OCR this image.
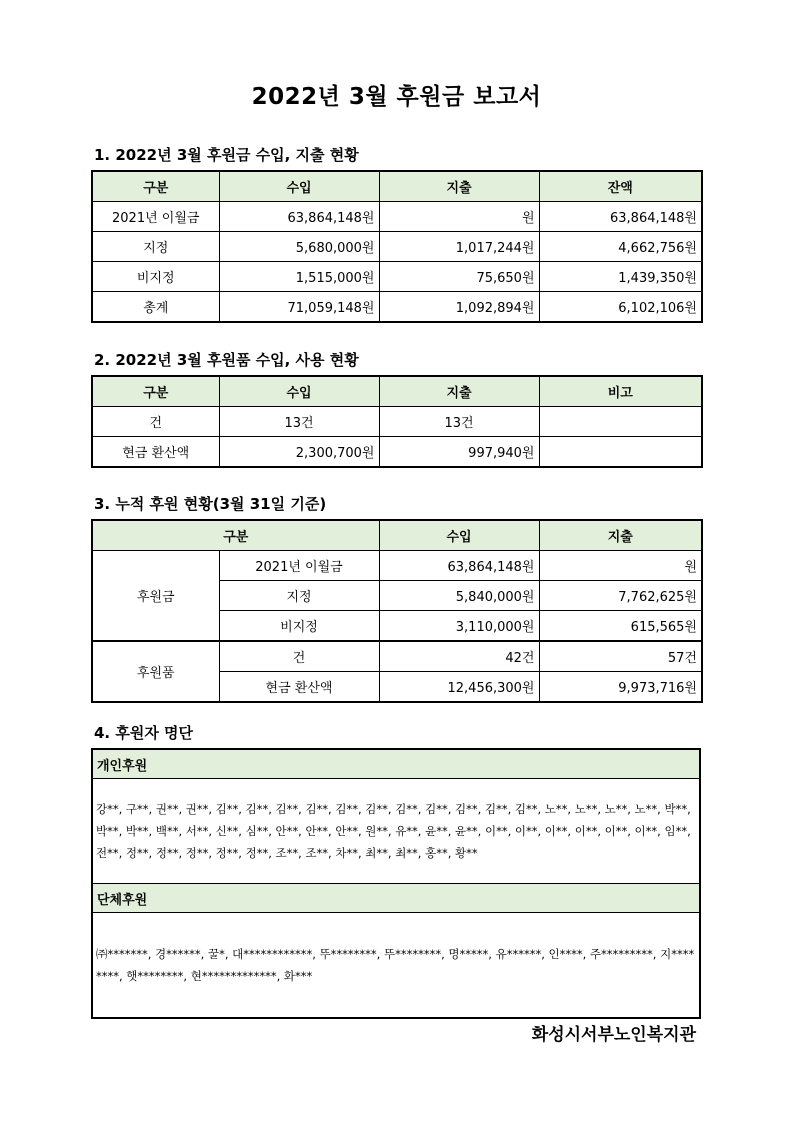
2022년 3월 후원금 보고서
1. 2022년 3월 후원금 수입, 지출 현황
구분	수입	지출	잔액
2021년 이월금	63,864,148원	원	63,864,148원
지정	5,680,000원	1,017,244원	4,662,756원
비지정	1,515,000원	75,650원	1,439,350원
총계	71,059,148원	1,092,894원	6,102,106원
2. 2022년 3월 후원품 수입, 사용 현황
구분	수입	지출	비고
건	13건	13건	
현금 환산액	2,300,700원	997,940원	
3. 누적 후원 현황(3월 31일 기준)
구분		수입	지출
후원금	2021년 이월금	63,864,148원	원
	지정	5,840,000원	7,762,625원
	비지정	3,110,000원	615,565원
후원품	건	42건	57건
	현금 환산액	12,456,300원	9,973,716원
4. 후원자 명단
개인후원
강**, 구**, 권**, 권**, 김**, 김**, 김**, 김**, 김**, 김**, 김**, 김**, 김**, 김**, 김**, 노**, 노**, 노**, 노**, 박**, 박**, 박**, 백**, 서**, 신**, 심**, 안**, 안**, 안**, 원**, 유**, 윤**, 윤**, 이**, 이**, 이**, 이**, 이**, 이**, 임**, 전**, 정**, 정**, 정**, 정**, 정**, 조**, 조**, 차**, 최**, 최**, 홍**, 황**
단체후원
㈜*******, 경******, 꿀*, 대************, 뚜********, 뚜********, 명*****, 유******, 인****, 주*********, 지********, 햇********, 현*************, 화***
화성시서부노인복지관
